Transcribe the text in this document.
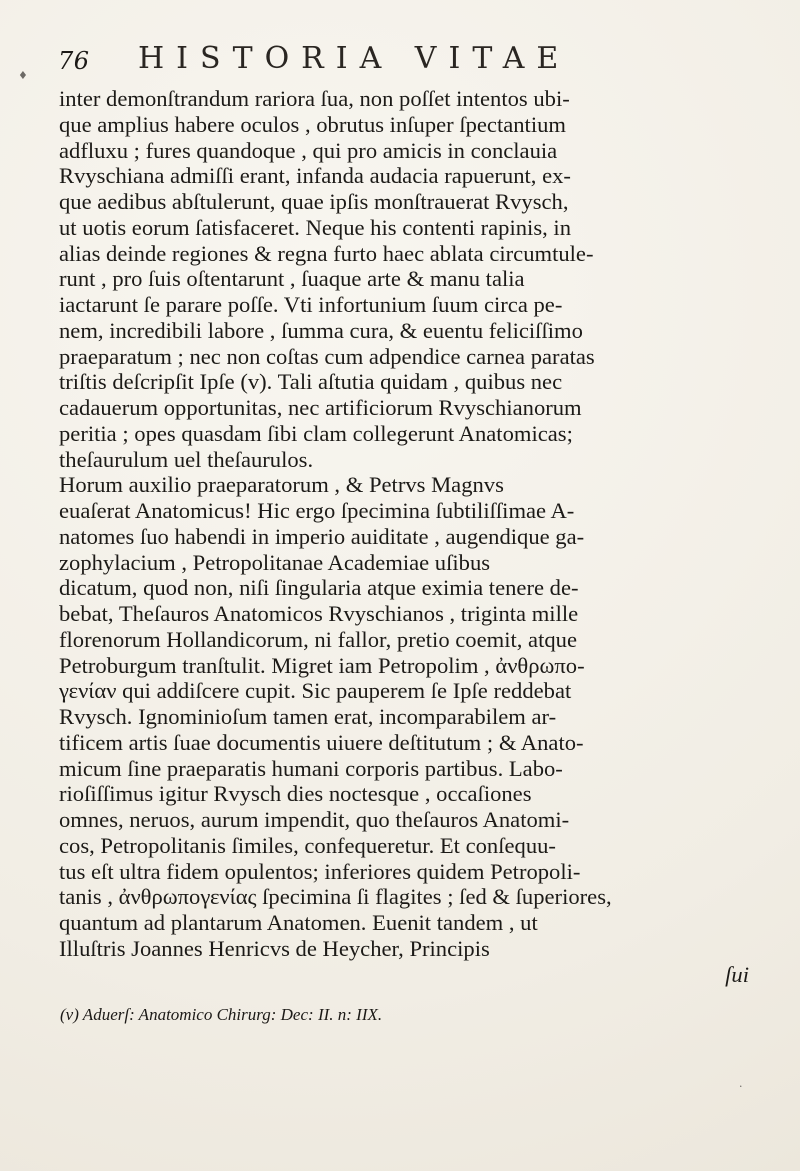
♦
76 HISTORIA VITAE
inter demonſtrandum rariora ſua, non poſſet intentos ubi-
que amplius habere oculos , obrutus inſuper ſpectantium
adfluxu ; fures quandoque , qui pro amicis in conclauia
Rvyschiana admiſſi erant, infanda audacia rapuerunt, ex-
que aedibus abſtulerunt, quae ipſis monſtrauerat Rvysch,
ut uotis eorum ſatisfaceret. Neque his contenti rapinis, in
alias deinde regiones & regna furto haec ablata circumtule-
runt , pro ſuis oſtentarunt , ſuaque arte & manu talia
iactarunt ſe parare poſſe. Vti infortunium ſuum circa pe-
nem, incredibili labore , ſumma cura, & euentu feliciſſimo
praeparatum ; nec non coſtas cum adpendice carnea paratas
triſtis deſcripſit Ipſe (v). Tali aſtutia quidam , quibus nec
cadauerum opportunitas, nec artificiorum Rvyschianorum
peritia ; opes quasdam ſibi clam collegerunt Anatomicas;
theſaurulum uel theſaurulos.
Horum auxilio praeparatorum , & Petrvs Magnvs
euaſerat Anatomicus! Hic ergo ſpecimina ſubtiliſſimae A-
natomes ſuo habendi in imperio auiditate , augendique ga-
zophylacium , Petropolitanae Academiae uſibus
dicatum, quod non, niſi ſingularia atque eximia tenere de-
bebat, Theſauros Anatomicos Rvyschianos , triginta mille
florenorum Hollandicorum, ni fallor, pretio coemit, atque
Petroburgum tranſtulit. Migret iam Petropolim , ἀνθρωπο-
γενίαν qui addiſcere cupit. Sic pauperem ſe Ipſe reddebat
Rvysch. Ignominioſum tamen erat, incomparabilem ar-
tificem artis ſuae documentis uiuere deſtitutum ; & Anato-
micum ſine praeparatis humani corporis partibus. Labo-
rioſiſſimus igitur Rvysch dies noctesque , occaſiones
omnes, neruos, aurum impendit, quo theſauros Anatomi-
cos, Petropolitanis ſimiles, confequeretur. Et conſequu-
tus eſt ultra fidem opulentos; inferiores quidem Petropoli-
tanis , ἀνθρωπογενίας ſpecimina ſi flagites ; ſed & ſuperiores,
quantum ad plantarum Anatomen. Euenit tandem , ut
Illuſtris Joannes Henricvs de Heycher, Principis
ſui
(v) Aduerſ: Anatomico Chirurg: Dec: II. n: IIX.
·
